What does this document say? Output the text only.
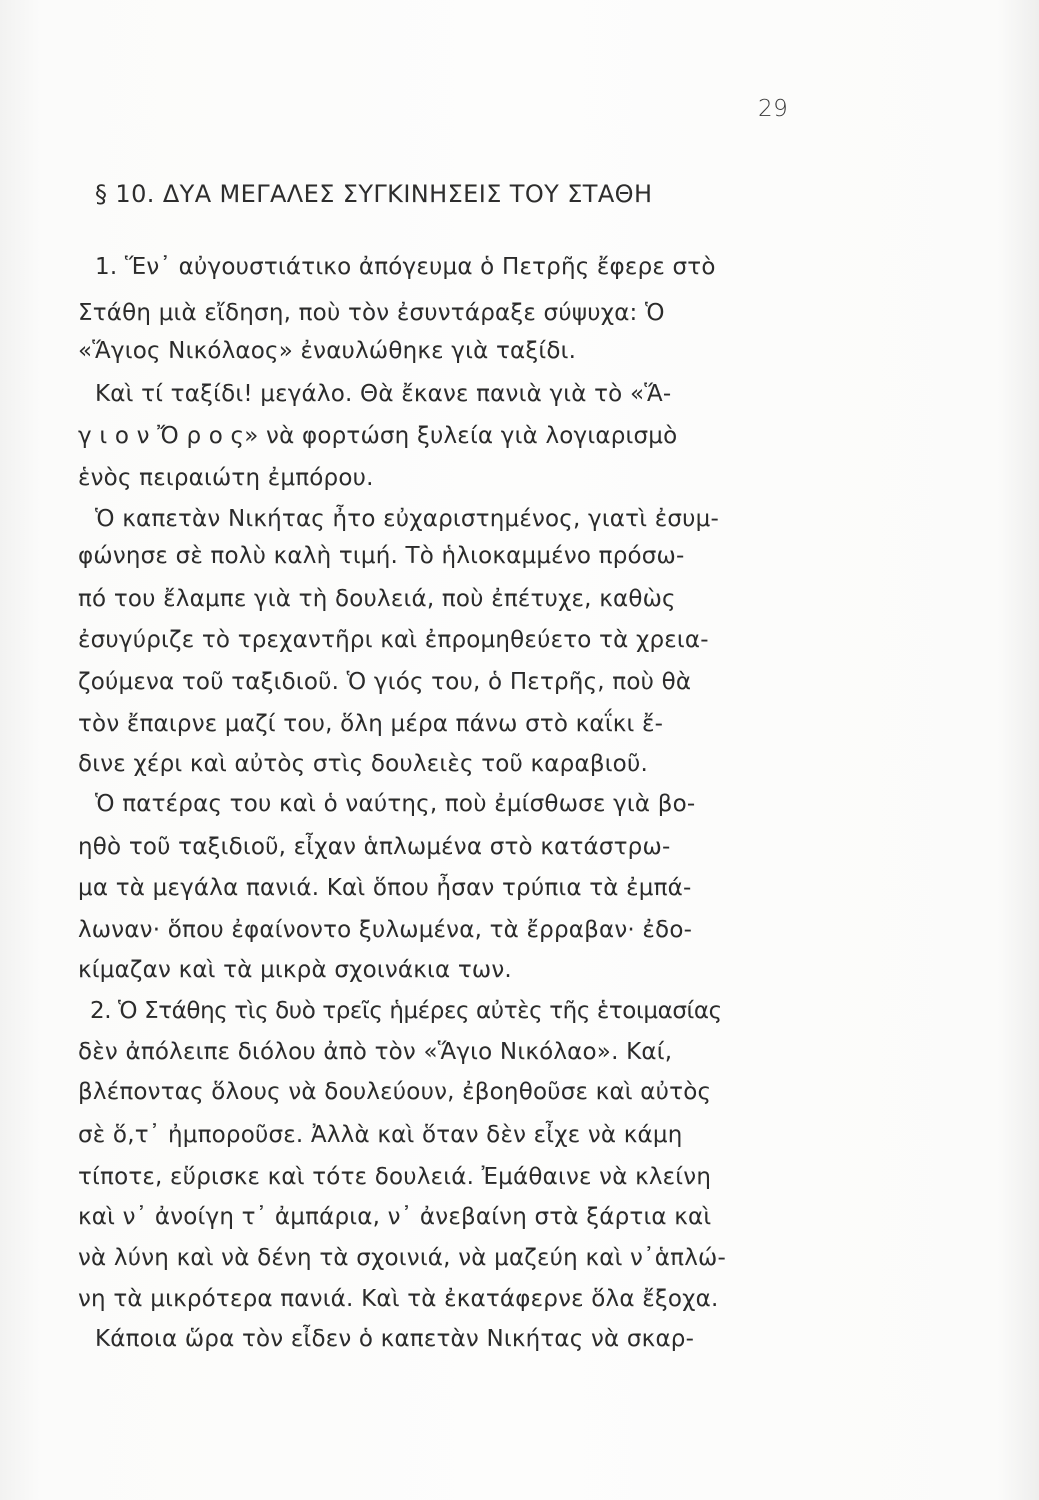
29
§ 10. ΔΥΑ ΜΕΓΑΛΕΣ ΣΥΓΚΙΝΗΣΕΙΣ ΤΟΥ ΣΤΑΘΗ
1. Ἕν᾿ αὐγουστιάτικο ἀπόγευμα ὁ Πετρῆς ἔφερε στὸ
Στάθη μιὰ εἴδηση, ποὺ τὸν ἐσυντάραξε σύψυχα: Ὁ
«Ἅγιος Νικόλαος» ἐναυλώθηκε γιὰ ταξίδι.
Καὶ τί ταξίδι! μεγάλο. Θὰ ἔκανε πανιὰ γιὰ τὸ «Ἅ-
γ ι ο ν Ὄ ρ ο ς» νὰ φορτώση ξυλεία γιὰ λογιαρισμὸ
ἑνὸς πειραιώτη ἐμπόρου.
Ὁ καπετὰν Νικήτας ἦτο εὐχαριστημένος, γιατὶ ἐσυμ-
φώνησε σὲ πολὺ καλὴ τιμή. Τὸ ἡλιοκαμμένο πρόσω-
πό του ἔλαμπε γιὰ τὴ δουλειά, ποὺ ἐπέτυχε, καθὼς
ἐσυγύριζε τὸ τρεχαντῆρι καὶ ἐπρομηθεύετο τὰ χρεια-
ζούμενα τοῦ ταξιδιοῦ. Ὁ γιός του, ὁ Πετρῆς, ποὺ θὰ
τὸν ἔπαιρνε μαζί του, ὅλη μέρα πάνω στὸ καΐκι ἔ-
δινε χέρι καὶ αὐτὸς στὶς δουλειὲς τοῦ καραβιοῦ.
Ὁ πατέρας του καὶ ὁ ναύτης, ποὺ ἐμίσθωσε γιὰ βο-
ηθὸ τοῦ ταξιδιοῦ, εἶχαν ἁπλωμένα στὸ κατάστρω-
μα τὰ μεγάλα πανιά. Καὶ ὅπου ἦσαν τρύπια τὰ ἐμπά-
λωναν· ὅπου ἐφαίνοντο ξυλωμένα, τὰ ἔρραβαν· ἐδο-
κίμαζαν καὶ τὰ μικρὰ σχοινάκια των.
2. Ὁ Στάθης τὶς δυὸ τρεῖς ἡμέρες αὐτὲς τῆς ἑτοιμασίας
δὲν ἀπόλειπε διόλου ἀπὸ τὸν «Ἅγιο Νικόλαο». Καί,
βλέποντας ὅλους νὰ δουλεύουν, ἐβοηθοῦσε καὶ αὐτὸς
σὲ ὅ,τ᾿ ἠμποροῦσε. Ἀλλὰ καὶ ὅταν δὲν εἶχε νὰ κάμη
τίποτε, εὕρισκε καὶ τότε δουλειά. Ἐμάθαινε νὰ κλείνη
καὶ ν᾿ ἀνοίγη τ᾿ ἀμπάρια, ν᾿ ἀνεβαίνη στὰ ξάρτια καὶ
νὰ λύνη καὶ νὰ δένη τὰ σχοινιά, νὰ μαζεύη καὶ ν᾿ἁπλώ-
νη τὰ μικρότερα πανιά. Καὶ τὰ ἐκατάφερνε ὅλα ἔξοχα.
Κάποια ὥρα τὸν εἶδεν ὁ καπετὰν Νικήτας νὰ σκαρ-
